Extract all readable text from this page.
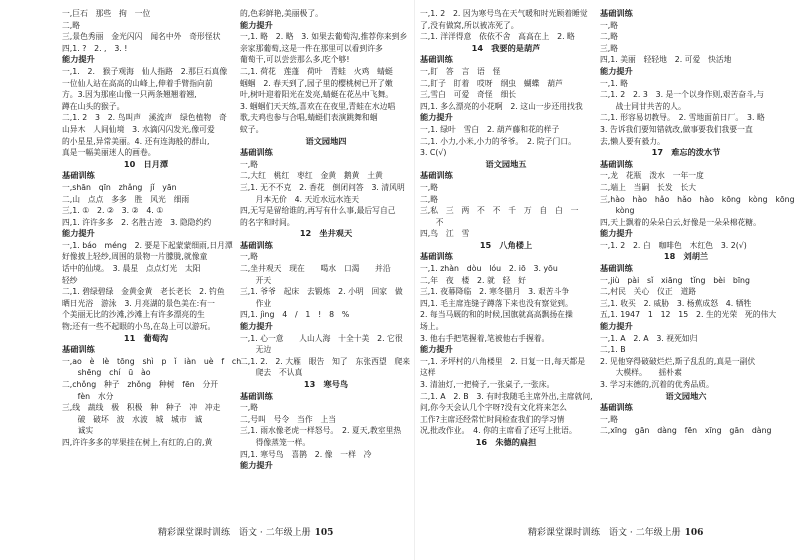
一,巨石　那些　拘　一位
二,略
三,景色秀丽　金光闪闪　闻名中外　奇形怪状
四,1. ?　2. ,　3. !
能力提升
一,1.　2.　猴子观海　仙人指路　2.那巨石真像
一位仙人站在高高的山峰上,伸着手臂指向前
方。3.因为那座山像一只两条翘翘着翘,
蹲在山头的猴子。
二,1. 2　3　2. 鸟叫声　溪流声　绿色植物　奇
山异木　人间仙境　3. 水滴闪闪发光,像可爱
的小星星,异常美丽。4. 还有连海般的群山,
真是一幅美丽迷人的画卷。
10　日月潭
基础训练
一,shān　qīn　zhǎng　jǐ　yān
二,山　点点　多多　胜　风光　细雨
三,1. ①　2. ②　3. ②　4. ①
四,1. 许许多多　2. 名胜古迹　3. 隐隐约约
能力提升
一,1. báo　méng　2. 要是下起蒙蒙细雨,日月潭
好像披上轻纱,周围的景物一片朦胧,就像童
话中的仙境。　3. 晨星　点点灯光　太阳
轻纱
二,1. 碧绿碧绿　金黄金黄　老长老长　2. 钓鱼
晒日光浴　游泳　3. 月亮湖的景色美在:有一
个美丽无比的沙滩,沙滩上有许多漂亮的生
物;还有一些不起眼的小鸟,在岛上可以游玩。
11　葡萄沟
基础训练
一,ao　è　lè　tōng　shì　p　ǐ　iàn　uè　f　ch
　　shēng　chí　ū　ào
二,chǒng　种子　zhǒng　种树　fēn　分开
　　fèn　水分
三,线　蔬线　极　积极　种　种子　冲　冲走
　　破　破坏　波　水波　城　城市　诚
　　诚实
四,许许多多的苹果挂在树上,有红的,白的,黄
的,色彩鲜艳,美丽极了。
能力提升
一,1. 略　2. 略　3. 如果去葡萄沟,推荐你来到乡
亲家那葡萄,这是一件在那里可以看到许多
葡萄干,可以尝尝那么多,吃个够!
二,1. 荷花　莲蓬　荷叶　青蛙　火鸡　蜻蜓
蝈蝈　2. 春天到了,园子里的樱桃树已开了嫩
叶,树叶迎着阳光在发亮,蜻蜓在花丛中飞舞。
3. 蝈蝈们天天练,喜欢在在夜里,青蛙在水边唱
歌,夫鸡也参与合唱,蜻蜓们表演跳舞和蝈
蚊子。
语文园地四
基础训练
一,略
二,大红　桃红　枣红　金黄　鹅黄　土黄
三,1. 无不不克　2. 香花　倒闭问答　3. 清风明
　　月本无价　4. 天近水远水连天
四,无写是留给谁的,再写有什么事,最后写自己
的名字和时间。
12　坐井观天
基础训练
一,略
二,坐井观天　现在　　喝水　口渴　　并沿
　　开天
三,1. 爷爷　起床　去锻炼　2. 小明　回家　做
　　作业
四,1. jìng　4　/　1　!　8　%
能力提升
一,1. 心一意　　人山人海　十全十美　2. 它很
　　无边
二,1. 2.　2. 大雁　眼告　知了　东张西望　爬来
　　爬去　不认真
13　寒号鸟
基础训练
一,略
二,号叫　号令　当作　上当
三,1. 雨水像老虎一样怒号。　2. 夏天,教室里热
　　得像蒸笼一样。
四,1. 寒号鸟　喜鹊　2. 像　一样　冷
能力提升
一,1. 2　2. 因为寒号鸟在天气暖和时光顾着睡觉
了,没有做窝,所以被冻死了。
二,1. 洋洋得意　依依不舍　高高在上　2. 略
14　我要的是葫芦
基础训练
一,盯　答　言　语　怪
二,盯子　盯着　哎呀　纲虫　蝴蝶　葫芦
三,雪白　可爱　奇怪　细长
四,1. 多么漂亮的小花啊　2. 这山一步还用找我
能力提升
一,1. 绿叶　雪白　2. 葫芦藤和花的样子
二,1. 小力,小米,小力的爷爷。　2. 院子门口。
3. C(√)
语文园地五
基础训练
一,略
二,略
三,私　三　两　不　不　千　万　自　白　一
　　不
四,鸟　江　雪
15　八角楼上
基础训练
一,1. zhàn　dòu　lóu　2. iō　3. yōu
二,年　夜　楼　2. 就　轻　好
三,1. 夜幕降临　2. 寒冬腊月　3. 艰苦斗争
四,1. 毛主席连缝子蹲落下来也没有察觉到。
2. 每当马厩的和的时候,国旗就高高飘扬在操
场上。
3. 他右手把笔握着,笔被他右手握着。
能力提升
一,1. 矛坪村的八角楼里　2. 日复一日,每天都是
这样
3. 清油灯,一把椅子,一张桌子,一张床。
二,1. A　2. B　3. 有时我随毛主席外出,主席就问,
问,你今天会认几个字呀?没有文化将来怎么
工作?主席还经常忙时间检查我们的学习情
况,批改作业。　4. 你的主席看了还写上批语。
16　朱德的扁担
基础训练
一,略
二,略
三,略
四,1. 美丽　轻轻地　2. 可爱　快活地
能力提升
一,1. 略
二,1. 2　2. 3　3. 是一个以身作则,艰苦奋斗,与
　　战士同甘共苦的人。
二,1. 形容易切教导。　2. 雪地面前日厂。　3. 略
3. 告诉我们要知错就改,做事要我们我要一直
去,懒人要有毅力。
17　难忘的泼水节
基础训练
一,龙　花瓶　泼水　一年一度
二,端上　当嗣　长发　长大
三,hào　hào　hǎo　hǎo　hào　kōng　kòng　kōng
　　kòng
四,天上飘着的朵朵白云,好像是一朵朵棉花糖。
能力提升
一,1. 2　2. 白　咖啡色　木红色　3. 2(√)
18　刘胡兰
基础训练
一,jiù　pài　sǐ　xiāng　tǐng　bèi　bīng
二,村民　关心　仪正　道路
三,1. 收买　2. 威胁　3. 杨蕉成怒　4. 牺牲
五,1. 1947　1　12　15　2. 生的光荣　死的伟大
能力提升
一,1. A　2. A　3. 视死如归
二,1. B
2. 见他穿得破破烂烂,斯子乱乱的,真是一副伏
　　大模样。　　揺朴素
3. 学习末德的,沉着的优秀品质。
语文园地六
基础训练
一,略
二,xīng　gān　dàng　fēn　xīng　gān　dàng
精彩课堂课时训练　语文 · 二年级上册 105	精彩课堂课时训练　语文 · 二年级上册 106
